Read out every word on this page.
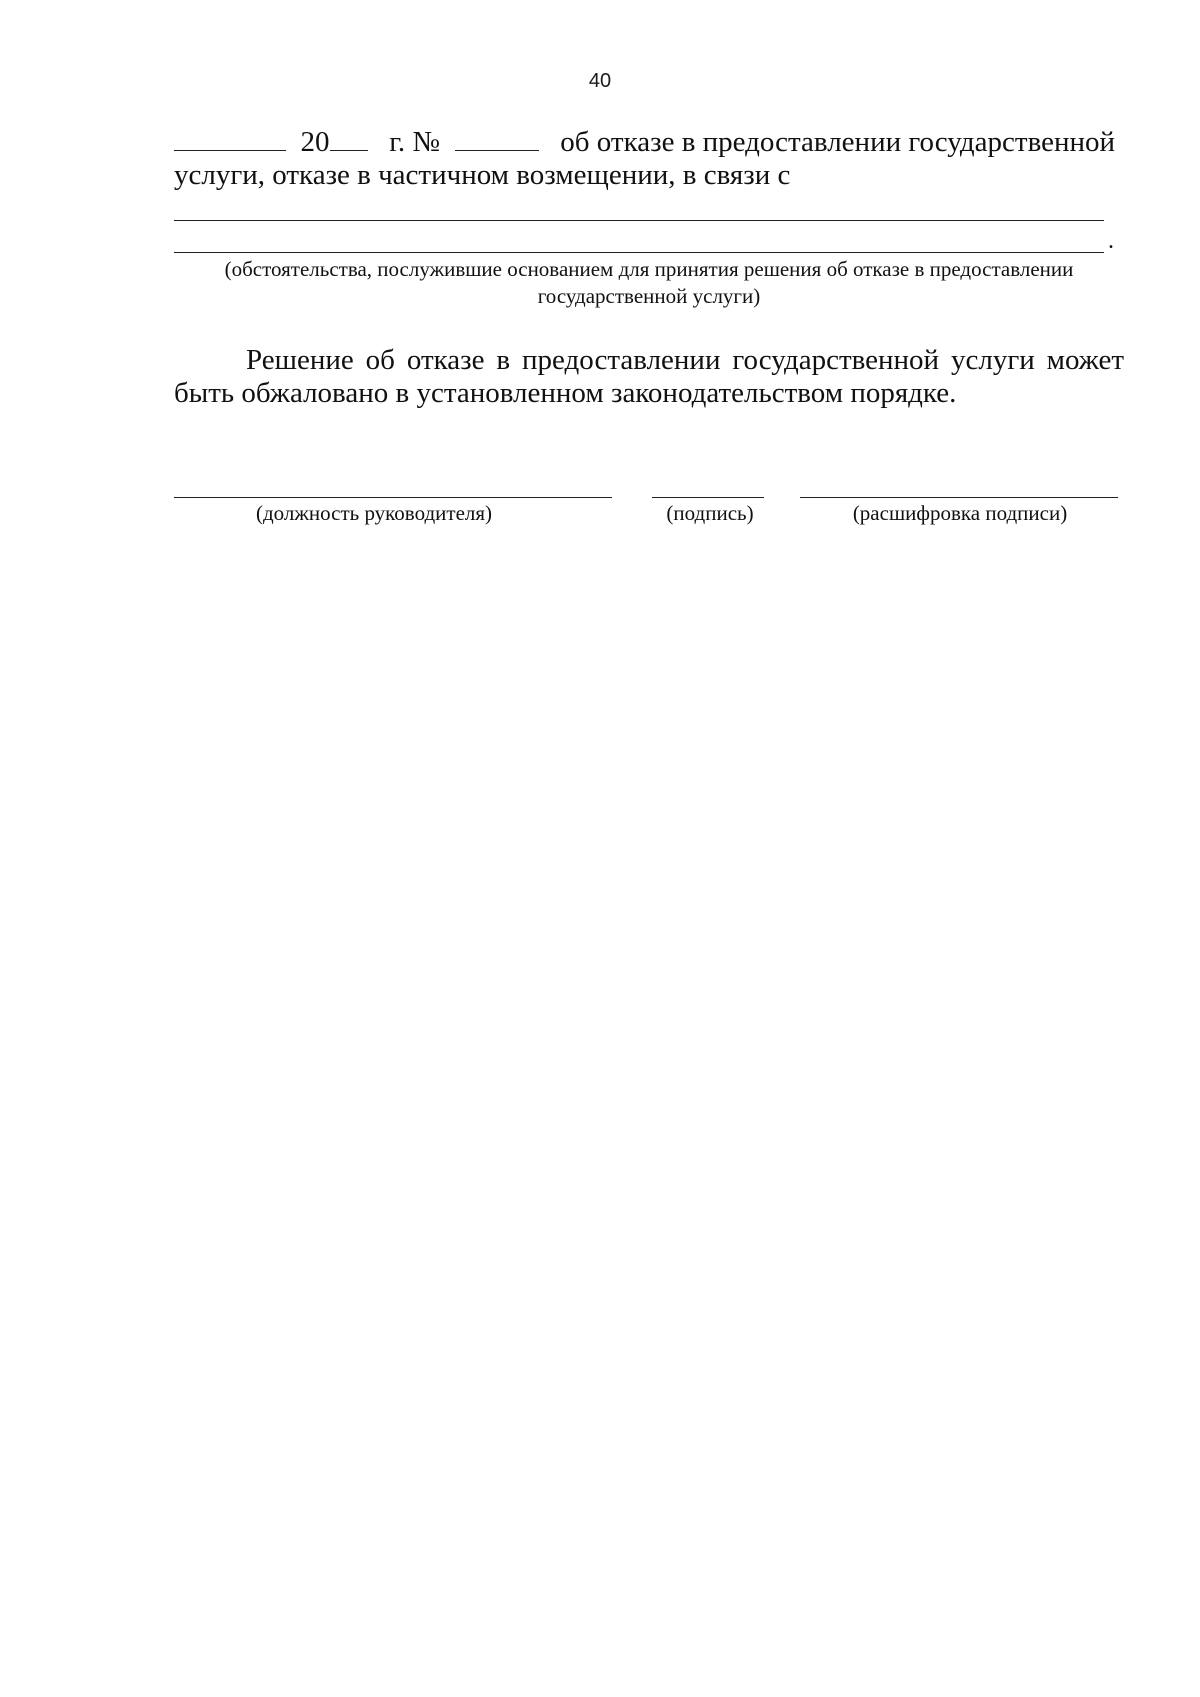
40
20 г. №	об отказе в предоставлении государственной
услуги, отказе в частичном возмещении, в связи с
.
(обстоятельства, послужившие основанием для принятия решения об отказе в предоставлении государственной услуги)
Решение об отказе в предоставлении государственной услуги может быть обжаловано в установленном законодательством порядке.
(должность руководителя)	(подпись)	(расшифровка подписи)
